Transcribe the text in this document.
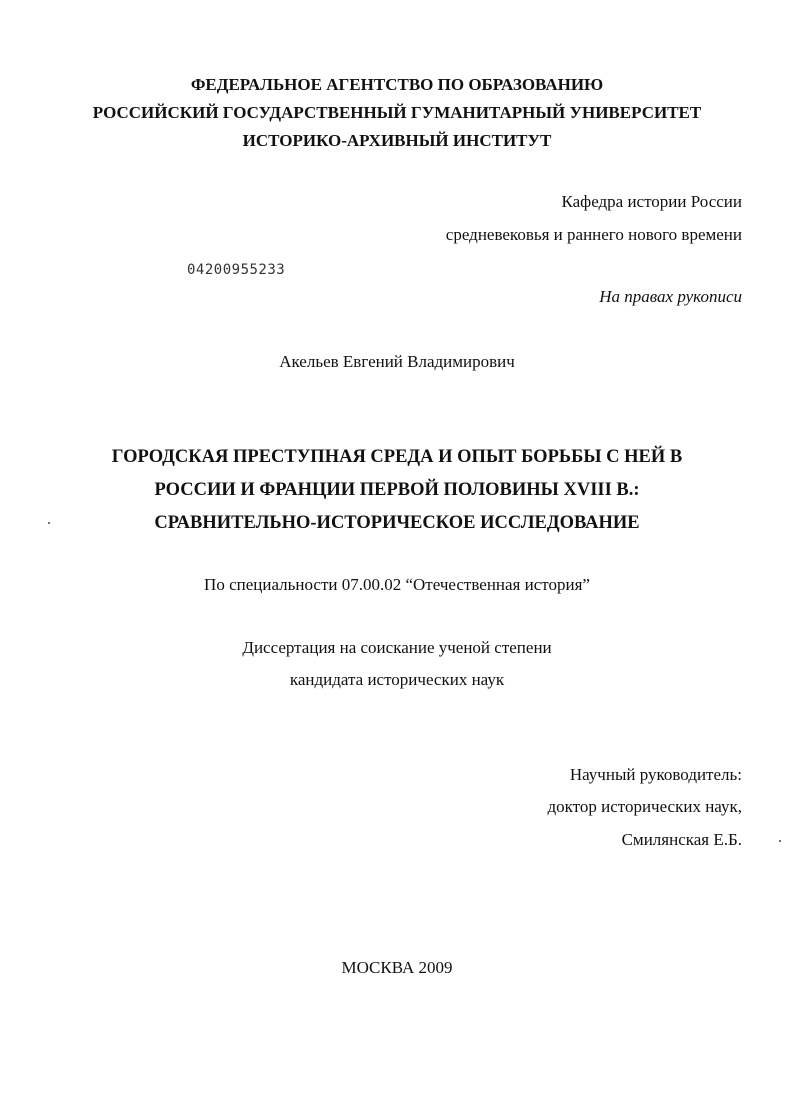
ФЕДЕРАЛЬНОЕ АГЕНТСТВО ПО ОБРАЗОВАНИЮ
РОССИЙСКИЙ ГОСУДАРСТВЕННЫЙ ГУМАНИТАРНЫЙ УНИВЕРСИТЕТ
ИСТОРИКО-АРХИВНЫЙ ИНСТИТУТ
Кафедра истории России
средневековья и раннего нового времени
04200955233
На правах рукописи
Акельев Евгений Владимирович
ГОРОДСКАЯ ПРЕСТУПНАЯ СРЕДА И ОПЫТ БОРЬБЫ С НЕЙ В
РОССИИ И ФРАНЦИИ ПЕРВОЙ ПОЛОВИНЫ XVIII В.:
СРАВНИТЕЛЬНО-ИСТОРИЧЕСКОЕ ИССЛЕДОВАНИЕ
По специальности 07.00.02 “Отечественная история”
Диссертация на соискание ученой степени
кандидата исторических наук
Научный руководитель:
доктор исторических наук,
Смилянская Е.Б.
МОСКВА 2009
